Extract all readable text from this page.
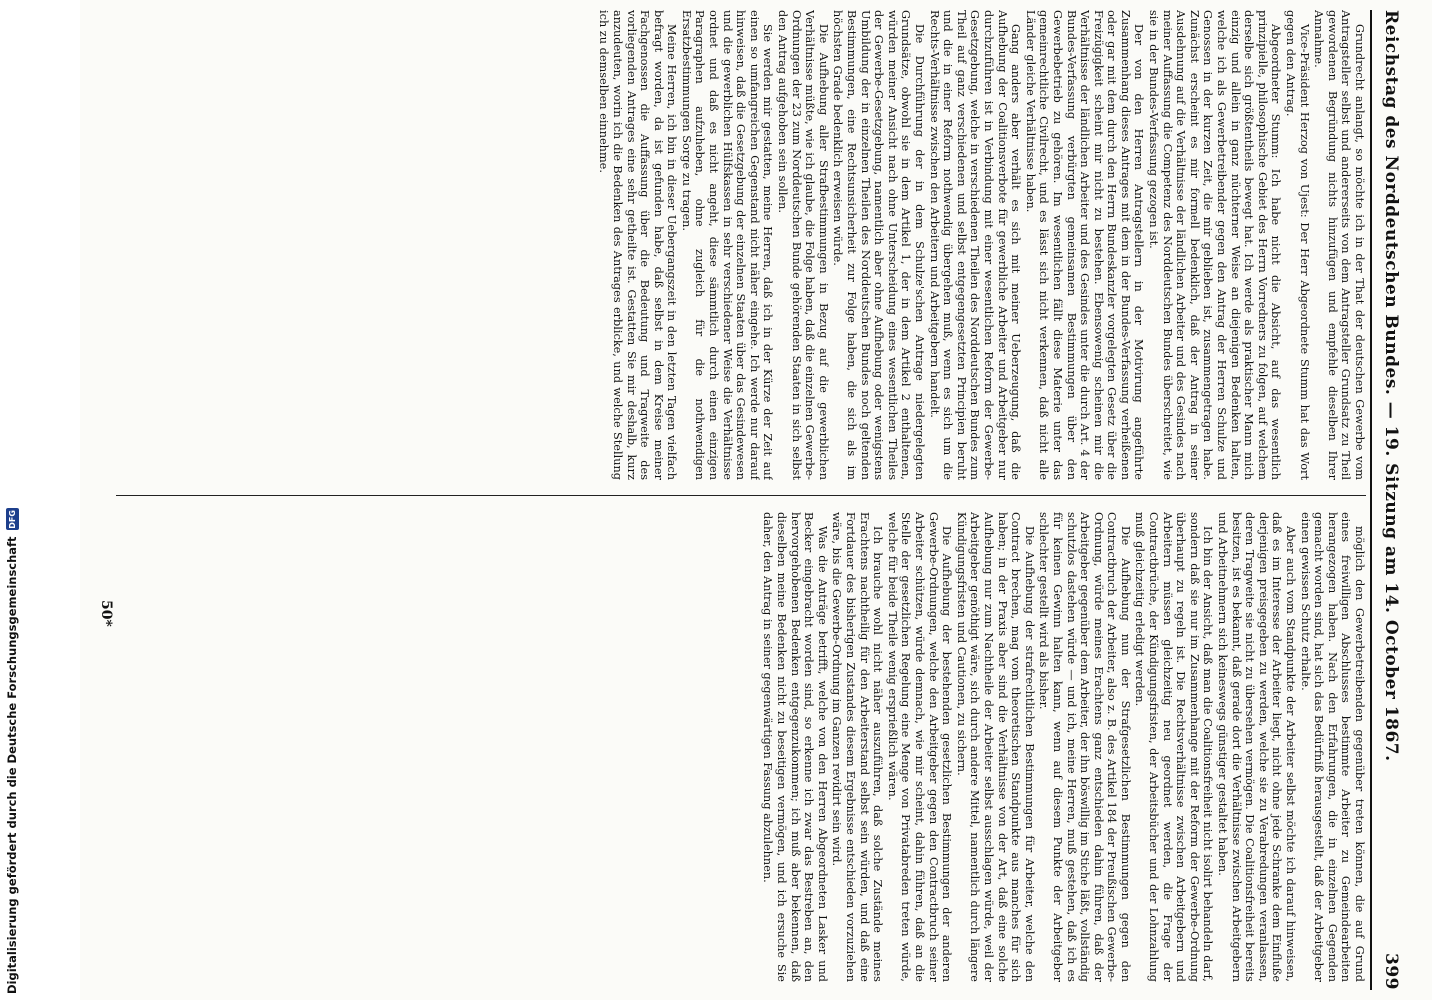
Digitalisierung gefördert durch die Deutsche Forschungsgemeinschaft
DFG
Reichstag des Norddeutschen Bundes. — 19. Sitzung am 14. October 1867.
399

Grundrecht anlangt, so möchte ich in der That der deutschen Gewerbe vom Antragsteller selbst und andererseits von dem Antragsteller Grundsatz zu Theil gewordenen Begründung nichts hinzufügen und empfehle dieselben Ihrer Annahme.

Vice-Präsident Herzog von Ujest: Der Herr Abgeordnete Stumm hat das Wort gegen den Antrag.

Abgeordneter Stumm: Ich habe nicht die Absicht, auf das wesentlich prinzipielle, philosophische Gebiet des Herrn Vorredners zu folgen, auf welchem derselbe sich größtentheils bewegt hat. Ich werde als praktischer Mann mich einzig und allein in ganz nüchterner Weise an diejenigen Bedenken halten, welche ich als Gewerbetreibender gegen den Antrag der Herren Schulze und Genossen in der kurzen Zeit, die mir geblieben ist, zusammengetragen habe. Zunächst erscheint es mir formell bedenklich, daß der Antrag in seiner Ausdehnung auf die Verhältnisse der ländlichen Arbeiter und des Gesindes nach meiner Auffassung die Competenz des Norddeutschen Bundes überschreitet, wie sie in der Bundes-Verfassung gezogen ist.

Der von den Herren Antragstellern in der Motivirung angeführte Zusammenhang dieses Antrages mit dem in der Bundes-Verfassung verheißenen oder gar mit dem durch den Herrn Bundeskanzler vorgelegten Gesetz über die Freizügigkeit scheint mir nicht zu bestehen. Ebensowenig scheinen mir die Verhältnisse der ländlichen Arbeiter und des Gesindes unter die durch Art. 4 der Bundes-Verfassung verbürgten gemeinsamen Bestimmungen über den Gewerbebetrieb zu gehören. Im wesentlichen fällt diese Materie unter das gemeinrechtliche Civilrecht, und es lässt sich nicht verkennen, daß nicht alle Länder gleiche Verhältnisse haben.

Gang anders aber verhält es sich mit meiner Ueberzeugung, daß die Aufhebung der Coalitionsverbote für gewerbliche Arbeiter und Arbeitgeber nur durchzuführen ist in Verbindung mit einer wesentlichen Reform der Gewerbe-Gesetzgebung, welche in verschiedenen Theilen des Norddeutschen Bundes zum Theil auf ganz verschiedenen und selbst entgegengesetzten Principien beruht und die in einer Reform nothwendig übergehen muß, wenn es sich um die Rechts-Verhältnisse zwischen den Arbeitern und Arbeitgebern handelt.

Die Durchführung der in dem Schulze'schen Antrage niedergelegten Grundsätze, obwohl sie in dem Artikel 1, der in dem Artikel 2 enthaltenen, würden meiner Ansicht nach ohne Unterscheidung eines wesentlichen Theiles der Gewerbe-Gesetzgebung, namentlich aber ohne Aufhebung oder wenigstens Umbildung der in einzelnen Theilen des Norddeutschen Bundes noch geltenden Bestimmungen, eine Rechtsunsicherheit zur Folge haben, die sich als im höchsten Grade bedenklich erweisen würde.

Die Aufhebung aller Strafbestimmungen in Bezug auf die gewerblichen Verhältnisse müßte, wie ich glaube, die Folge haben, daß die einzelnen Gewerbe-Ordnungen der 23 zum Norddeutschen Bunde gehörenden Staaten in sich selbst den Antrag aufgehoben sein sollen.

Sie werden mir gestatten, meine Herren, daß ich in der Kürze der Zeit auf einen so umfangreichen Gegenstand nicht näher eingehe. Ich werde nur darauf hinweisen, daß die Gesetzgebung der einzelnen Staaten über das Gesindewesen und die gewerblichen Hülfskassen in sehr verschiedener Weise die Verhältnisse ordnet und daß es nicht angeht, diese sämmtlich durch einen einzigen Paragraphen aufzuheben, ohne zugleich für die nothwendigen Ersatzbestimmungen Sorge zu tragen.

Meine Herren, ich bin in dieser Uebergangszeit in den letzten Tagen vielfach befragt worden, da ist gefunden habe, daß selbst in dem Kreise meiner Fachgenossen die Auffassung über die Bedeutung und Tragweite des vorliegenden Antrages eine sehr getheilte ist. Gestatten Sie mir deshalb, kurz anzudeuten, worin ich die Bedenken des Antrages erblicke, und welche Stellung ich zu demselben einnehme.

möglich den Gewerbetreibenden gegenüber treten können, die auf Grund eines freiwilligen Abschlusses bestimmte Arbeiter zu Gemeindearbeiten herangezogen haben. Nach den Erfahrungen, die in einzelnen Gegenden gemacht worden sind, hat sich das Bedürfniß herausgestellt, daß der Arbeitgeber einen gewissen Schutz erhalte.

Aber auch vom Standpunkte der Arbeiter selbst möchte ich darauf hinweisen, daß es im Interesse der Arbeiter liegt, nicht ohne jede Schranke dem Einfluße derjenigen preisgegeben zu werden, welche sie zu Verabredungen veranlassen, deren Tragweite sie nicht zu übersehen vermögen. Die Coalitionsfreiheit bereits besitzen, ist es bekannt, daß gerade dort die Verhältnisse zwischen Arbeitgebern und Arbeitnehmern sich keineswegs günstiger gestaltet haben.

Ich bin der Ansicht, daß man die Coalitionsfreiheit nicht isolirt behandeln darf, sondern daß sie nur im Zusammenhange mit der Reform der Gewerbe-Ordnung überhaupt zu regeln ist. Die Rechtsverhältnisse zwischen Arbeitgebern und Arbeitern müssen gleichzeitig neu geordnet werden, die Frage der Contractbrüche, der Kündigungsfristen, der Arbeitsbücher und der Lohnzahlung muß gleichzeitig erledigt werden.

Die Aufhebung nun der Strafgesetzlichen Bestimmungen gegen den Contractbruch der Arbeiter, also z. B. des Artikel 184 der Preußischen Gewerbe-Ordnung, würde meines Erachtens ganz entschieden dahin führen, daß der Arbeitgeber gegenüber dem Arbeiter, der ihn böswillig im Stiche läßt, vollständig schutzlos dastehen würde — und ich, meine Herren, muß gestehen, daß ich es für keinen Gewinn halten kann, wenn auf diesem Punkte der Arbeitgeber schlechter gestellt wird als bisher.

Die Aufhebung der strafrechtlichen Bestimmungen für Arbeiter, welche den Contract brechen, mag vom theoretischen Standpunkte aus manches für sich haben; in der Praxis aber sind die Verhältnisse von der Art, daß eine solche Aufhebung nur zum Nachtheile der Arbeiter selbst ausschlagen würde, weil der Arbeitgeber genöthigt wäre, sich durch andere Mittel, namentlich durch längere Kündigungsfristen und Cautionen, zu sichern.

Die Aufhebung der bestehenden gesetzlichen Bestimmungen der anderen Gewerbe-Ordnungen, welche den Arbeitgeber gegen den Contractbruch seiner Arbeiter schützen, würde demnach, wie mir scheint, dahin führen, daß an die Stelle der gesetzlichen Regelung eine Menge von Privatabreden treten würde, welche für beide Theile wenig ersprießlich wären.

Ich brauche wohl nicht näher auszuführen, daß solche Zustände meines Erachtens nachtheilig für den Arbeiterstand selbst sein würden, und daß eine Fortdauer des bisherigen Zustandes diesem Ergebnisse entschieden vorzuziehen wäre, bis die Gewerbe-Ordnung im Ganzen revidirt sein wird.

Was die Anträge betrifft, welche von den Herren Abgeordneten Lasker und Becker eingebracht worden sind, so erkenne ich zwar das Bestreben an, den hervorgehobenen Bedenken entgegenzukommen; ich muß aber bekennen, daß dieselben meine Bedenken nicht zu beseitigen vermögen, und ich ersuche Sie daher, den Antrag in seiner gegenwärtigen Fassung abzulehnen.

50*
